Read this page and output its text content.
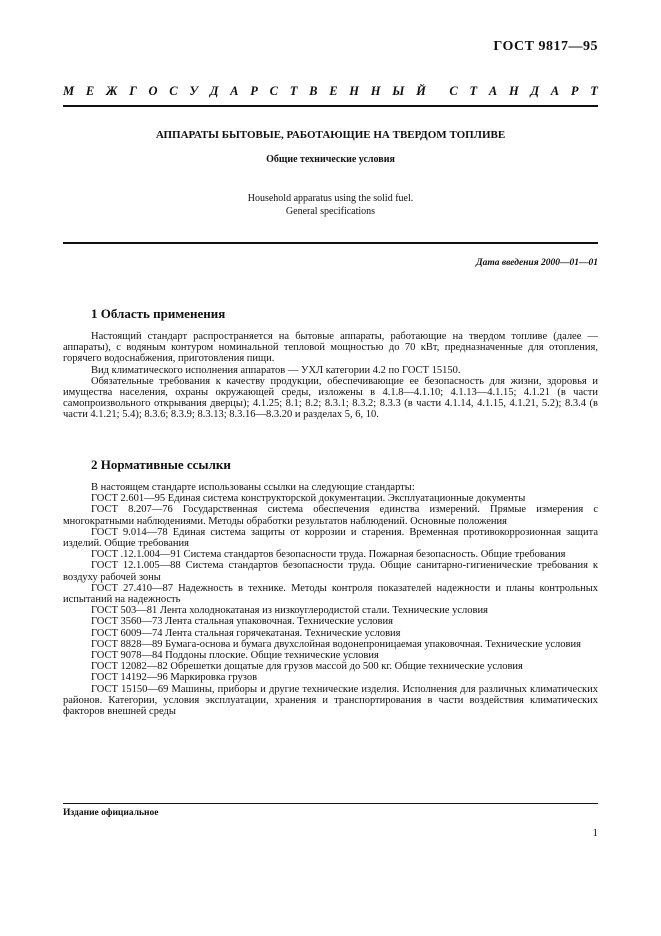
ГОСТ 9817—95
М Е Ж Г О С У Д А Р С Т В Е Н Н Ы Й С Т А Н Д А Р Т
АППАРАТЫ БЫТОВЫЕ, РАБОТАЮЩИЕ НА ТВЕРДОМ ТОПЛИВЕ
Общие технические условия
Household apparatus using the solid fuel.
General specifications
Дата введения 2000—01—01
1 Область применения

Настоящий стандарт распространяется на бытовые аппараты, работающие на твердом топливе (далее — аппараты), с водяным контуром номинальной тепловой мощностью до 70 кВт, предназначенные для отопления, горячего водоснабжения, приготовления пищи.

Вид климатического исполнения аппаратов — УХЛ категории 4.2 по ГОСТ 15150.

Обязательные требования к качеству продукции, обеспечивающие ее безопасность для жизни, здоровья и имущества населения, охраны окружающей среды, изложены в 4.1.8—4.1.10; 4.1.13—4.1.15; 4.1.21 (в части самопроизвольного открывания дверцы); 4.1.25; 8.1; 8.2; 8.3.1; 8.3.2; 8.3.3 (в части 4.1.14, 4.1.15, 4.1.21, 5.2); 8.3.4 (в части 4.1.21; 5.4); 8.3.6; 8.3.9; 8.3.13; 8.3.16—8.3.20 и разделах 5, 6, 10.

2 Нормативные ссылки

В настоящем стандарте использованы ссылки на следующие стандарты:

ГОСТ 2.601—95 Единая система конструкторской документации. Эксплуатационные документы

ГОСТ 8.207—76 Государственная система обеспечения единства измерений. Прямые измерения с многократными наблюдениями. Методы обработки результатов наблюдений. Основные положения

ГОСТ 9.014—78 Единая система защиты от коррозии и старения. Временная противокоррозионная защита изделий. Общие требования

ГОСТ .12.1.004—91 Система стандартов безопасности труда. Пожарная безопасность. Общие требования

ГОСТ 12.1.005—88 Система стандартов безопасности труда. Общие санитарно-гигиенические требования к воздуху рабочей зоны

ГОСТ 27.410—87 Надежность в технике. Методы контроля показателей надежности и планы контрольных испытаний на надежность

ГОСТ 503—81 Лента холоднокатаная из низкоуглеродистой стали. Технические условия

ГОСТ 3560—73 Лента стальная упаковочная. Технические условия

ГОСТ 6009—74 Лента стальная горячекатаная. Технические условия

ГОСТ 8828—89 Бумага-основа и бумага двухслойная водонепроницаемая упаковочная. Технические условия

ГОСТ 9078—84 Поддоны плоские. Общие технические условия

ГОСТ 12082—82 Обрешетки дощатые для грузов массой до 500 кг. Общие технические условия

ГОСТ 14192—96 Маркировка грузов

ГОСТ 15150—69 Машины, приборы и другие технические изделия. Исполнения для различных климатических районов. Категории, условия эксплуатации, хранения и транспортирования в части воздействия климатических факторов внешней среды

Издание официальное
1
